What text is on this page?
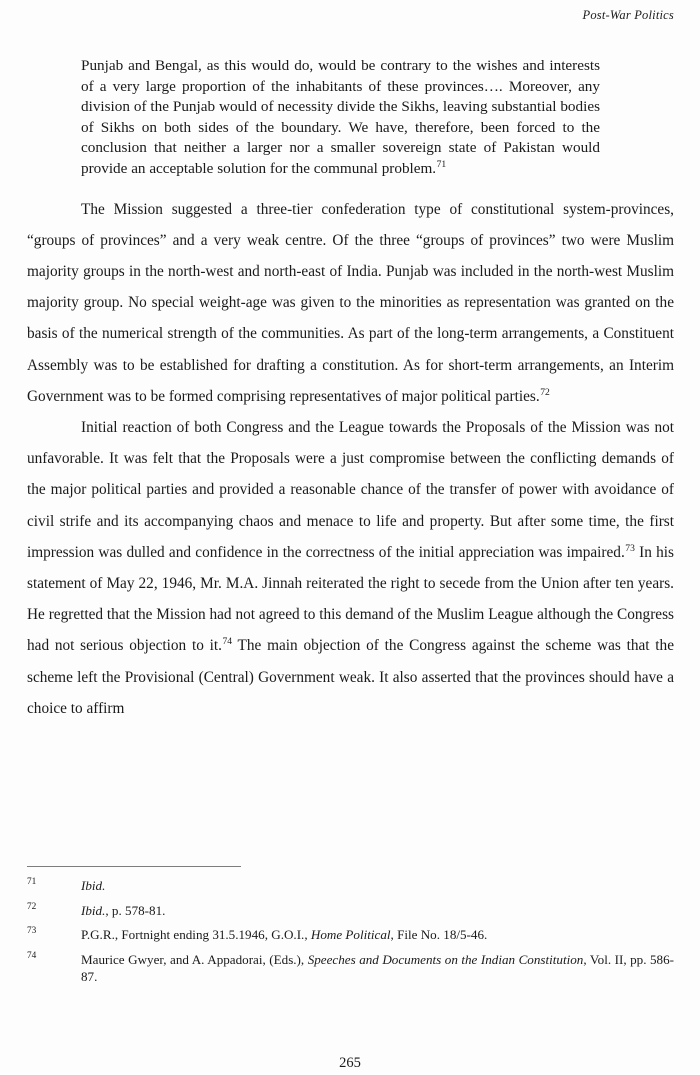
Post-War Politics

Punjab and Bengal, as this would do, would be contrary to the wishes and interests of a very large proportion of the inhabitants of these provinces…. Moreover, any division of the Punjab would of necessity divide the Sikhs, leaving substantial bodies of Sikhs on both sides of the boundary. We have, therefore, been forced to the conclusion that neither a larger nor a smaller sovereign state of Pakistan would provide an acceptable solution for the communal problem.$^{71}$

The Mission suggested a three-tier confederation type of constitutional system-provinces, “groups of provinces” and a very weak centre. Of the three “groups of provinces” two were Muslim majority groups in the north-west and north-east of India. Punjab was included in the north-west Muslim majority group. No special weight-age was given to the minorities as representation was granted on the basis of the numerical strength of the communities. As part of the long-term arrangements, a Constituent Assembly was to be established for drafting a constitution. As for short-term arrangements, an Interim Government was to be formed comprising representatives of major political parties.$^{72}$

Initial reaction of both Congress and the League towards the Proposals of the Mission was not unfavorable. It was felt that the Proposals were a just compromise between the conflicting demands of the major political parties and provided a reasonable chance of the transfer of power with avoidance of civil strife and its accompanying chaos and menace to life and property. But after some time, the first impression was dulled and confidence in the correctness of the initial appreciation was impaired.$^{73}$ In his statement of May 22, 1946, Mr. M.A. Jinnah reiterated the right to secede from the Union after ten years. He regretted that the Mission had not agreed to this demand of the Muslim League although the Congress had not serious objection to it.$^{74}$ The main objection of the Congress against the scheme was that the scheme left the Provisional (Central) Government weak. It also asserted that the provinces should have a choice to affirm

71	Ibid.
72	Ibid., p. 578-81.
73	P.G.R., Fortnight ending 31.5.1946, G.O.I., Home Political, File No. 18/5-46.
74	Maurice Gwyer, and A. Appadorai, (Eds.), Speeches and Documents on the Indian Constitution, Vol. II, pp. 586-87.
265
